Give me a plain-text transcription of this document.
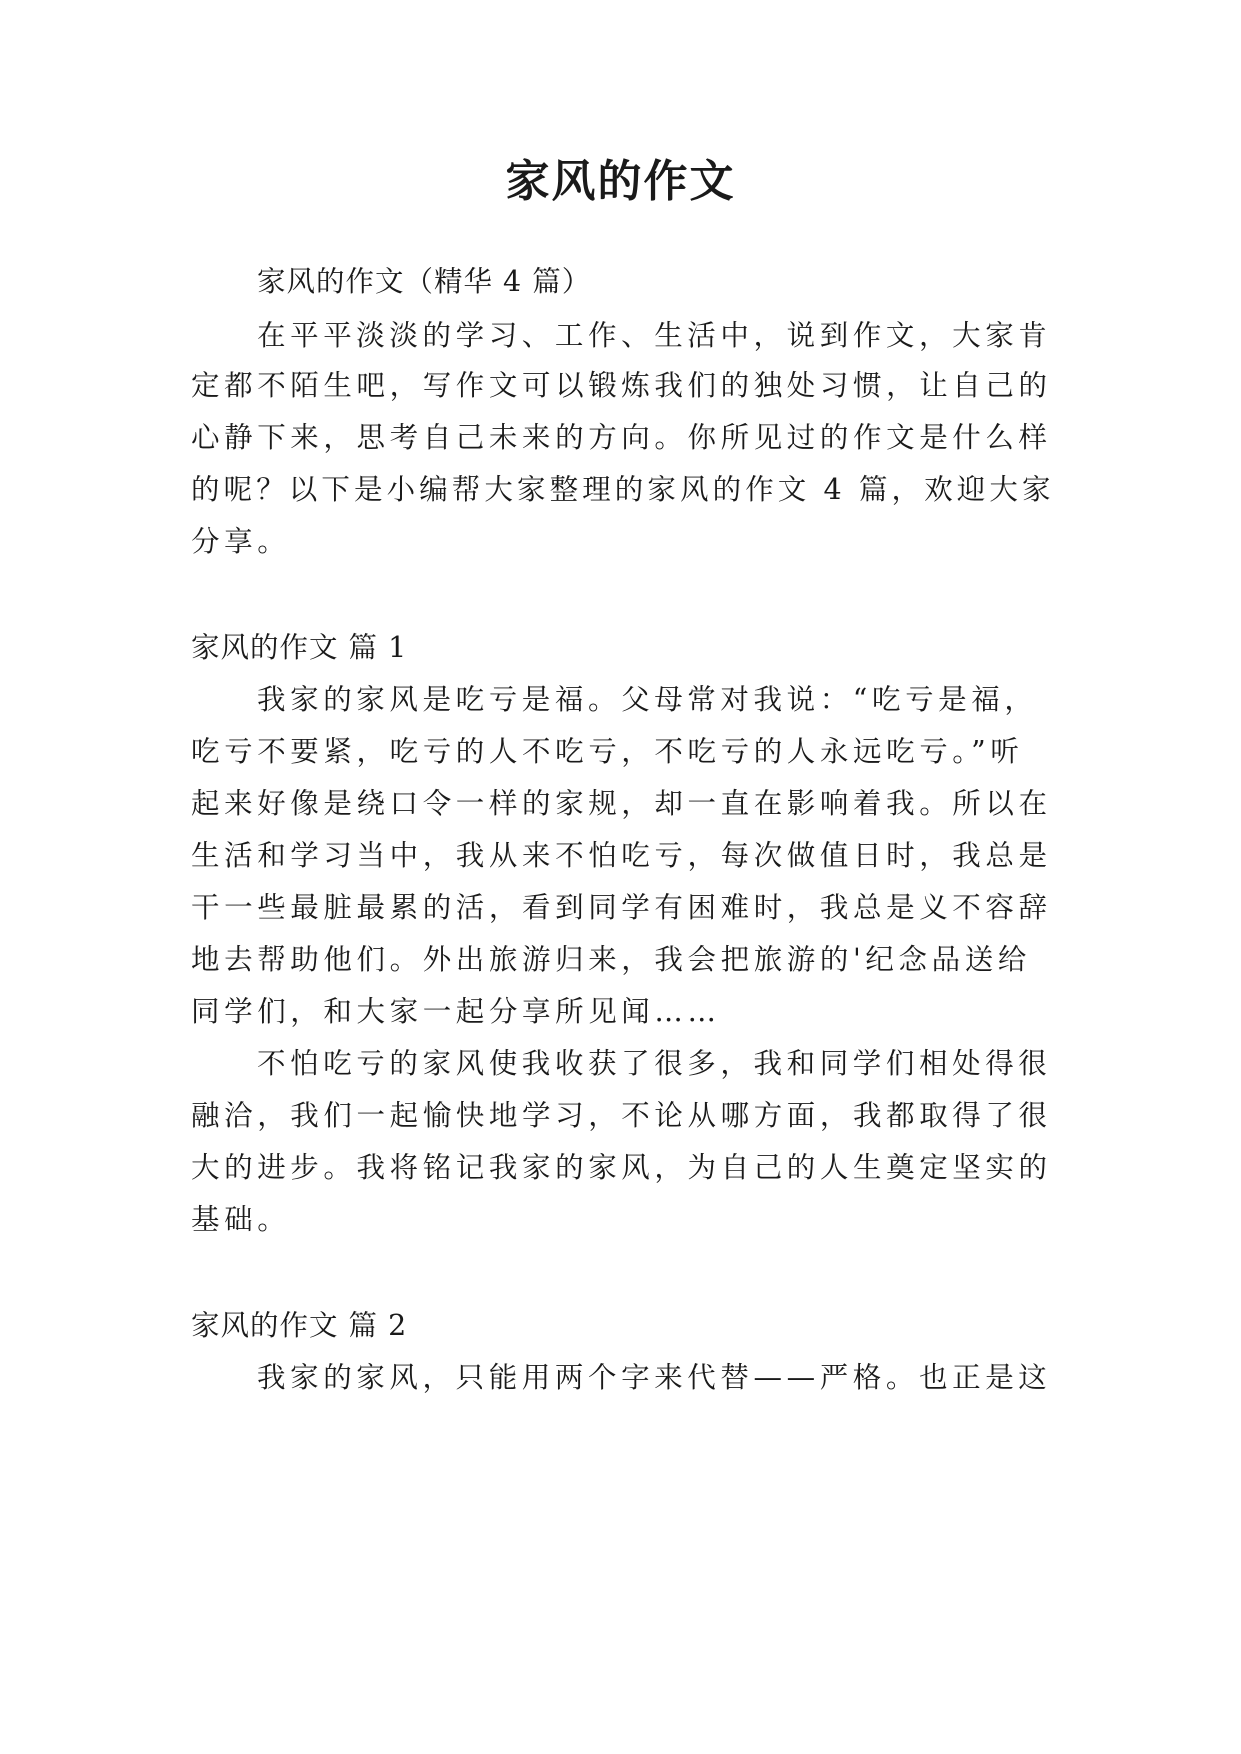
家风的作文

家风的作文（精华 4 篇）

在平平淡淡的学习、工作、生活中，说到作文，大家肯

定都不陌生吧，写作文可以锻炼我们的独处习惯，让自己的

心静下来，思考自己未来的方向。你所见过的作文是什么样

的呢？以下是小编帮大家整理的家风的作文 4 篇，欢迎大家

分享。

家风的作文 篇 1

我家的家风是吃亏是福。父母常对我说：“吃亏是福，

吃亏不要紧，吃亏的人不吃亏，不吃亏的人永远吃亏。”听

起来好像是绕口令一样的家规，却一直在影响着我。所以在

生活和学习当中，我从来不怕吃亏，每次做值日时，我总是

干一些最脏最累的活，看到同学有困难时，我总是义不容辞

地去帮助他们。外出旅游归来，我会把旅游的'纪念品送给

同学们，和大家一起分享所见闻……

不怕吃亏的家风使我收获了很多，我和同学们相处得很

融洽，我们一起愉快地学习，不论从哪方面，我都取得了很

大的进步。我将铭记我家的家风，为自己的人生奠定坚实的

基础。

家风的作文 篇 2

我家的家风，只能用两个字来代替——严格。也正是这
